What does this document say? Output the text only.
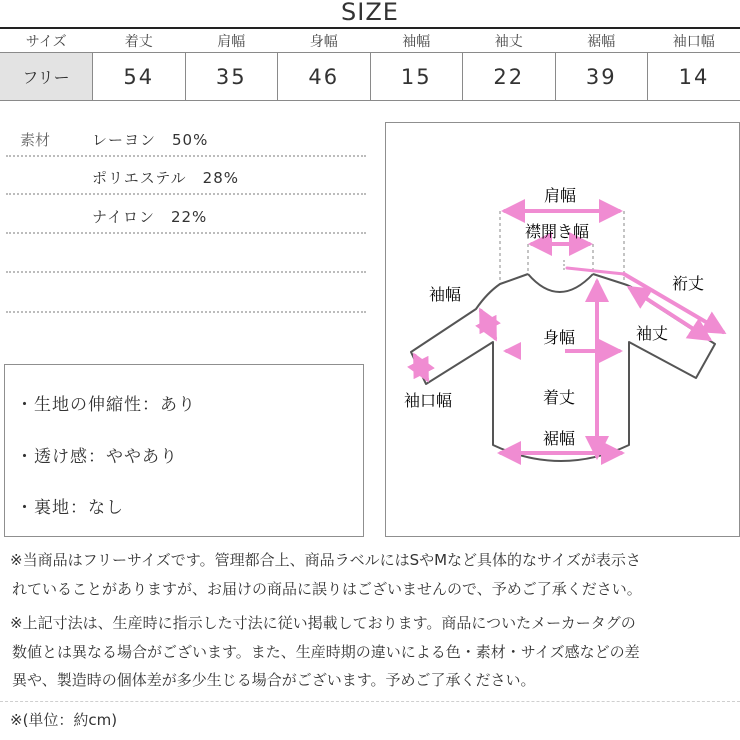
SIZE
サイズ	着丈	肩幅	身幅	袖幅	袖丈	裾幅	袖口幅
フリー	54	35	46	15	22	39	14
素材	レーヨン　50%
ポリエステル　28%
ナイロン　22%
・生地の伸縮性：あり
・透け感：ややあり
・裏地：なし
肩幅
襟開き幅
裄丈
袖幅
身幅	袖丈
袖口幅	着丈
裾幅
※当商品はフリーサイズです。管理都合上、商品ラベルにはSやMなど具体的なサイズが表示さ
れていることがありますが、お届けの商品に誤りはございませんので、予めご了承ください。
※上記寸法は、生産時に指示した寸法に従い掲載しております。商品についたメーカータグの
数値とは異なる場合がございます。また、生産時期の違いによる色・素材・サイズ感などの差
異や、製造時の個体差が多少生じる場合がございます。予めご了承ください。
※(単位：約cm)
